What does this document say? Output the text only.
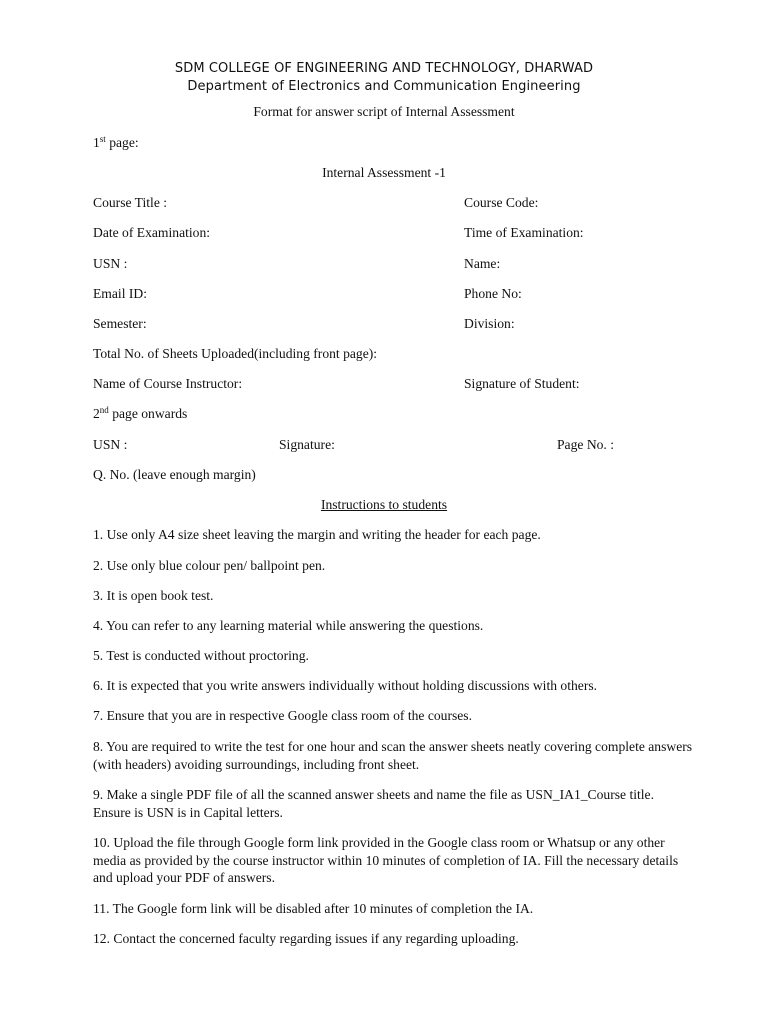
SDM COLLEGE OF ENGINEERING AND TECHNOLOGY, DHARWAD
Department of Electronics and Communication Engineering
Format for answer script of Internal Assessment
1st page:
Internal Assessment -1
Course Title :	Course Code:
Date of Examination:	Time of Examination:
USN :	Name:
Email ID:	Phone No:
Semester:	Division:
Total No. of Sheets Uploaded(including front page):
Name of Course Instructor:	Signature of Student:
2nd page onwards
USN :	Signature:	Page No. :
Q. No. (leave enough margin)
Instructions to students
1. Use only A4 size sheet leaving the margin and writing the header for each page.
2. Use only blue colour pen/ ballpoint pen.
3. It is open book test.
4. You can refer to any learning material while answering the questions.
5. Test is conducted without proctoring.
6. It is expected that you write answers individually without holding discussions with others.
7. Ensure that you are in respective Google class room of the courses.
8. You are required to write the test for one hour and scan the answer sheets neatly covering complete answers (with headers) avoiding surroundings, including front sheet.
9. Make a single PDF file of all the scanned answer sheets and name the file as USN_IA1_Course title. Ensure is USN is in Capital letters.
10. Upload the file through Google form link provided in the Google class room or Whatsup or any other media as provided by the course instructor within 10 minutes of completion of IA. Fill the necessary details and upload your PDF of answers.
11. The Google form link will be disabled after 10 minutes of completion the IA.
12. Contact the concerned faculty regarding issues if any regarding uploading.
